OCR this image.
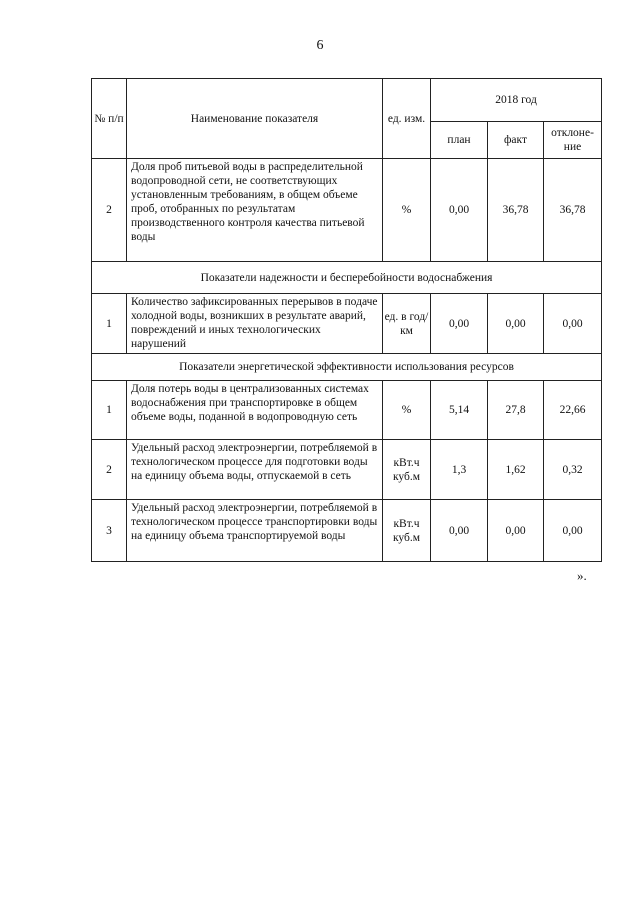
6
№ п/п	Наименование показателя	ед. изм.	2018 год		
			план	факт	отклоне-ние
2	Доля проб питьевой воды в распределительной водопроводной сети, не соответствующих установленным требованиям, в общем объеме проб, отобранных по результатам производственного контроля качества питьевой воды	%	0,00	36,78	36,78
Показатели надежности и бесперебойности водоснабжения					
1	Количество зафиксированных перерывов в подаче холодной воды, возникших в результате аварий, повреждений и иных технологических нарушений	ед. в год/ км	0,00	0,00	0,00
Показатели энергетической эффективности использования ресурсов					
1	Доля потерь воды в централизованных системах водоснабжения при транспортировке в общем объеме воды, поданной в водопроводную сеть	%	5,14	27,8	22,66
2	Удельный расход электроэнергии, потребляемой в технологическом процессе для подготовки воды на единицу объема воды, отпускаемой в сеть	кВт.ч куб.м	1,3	1,62	0,32
3	Удельный расход электроэнергии, потребляемой в технологическом процессе транспортировки воды на единицу объема транспортируемой воды	кВт.ч куб.м	0,00	0,00	0,00
».
